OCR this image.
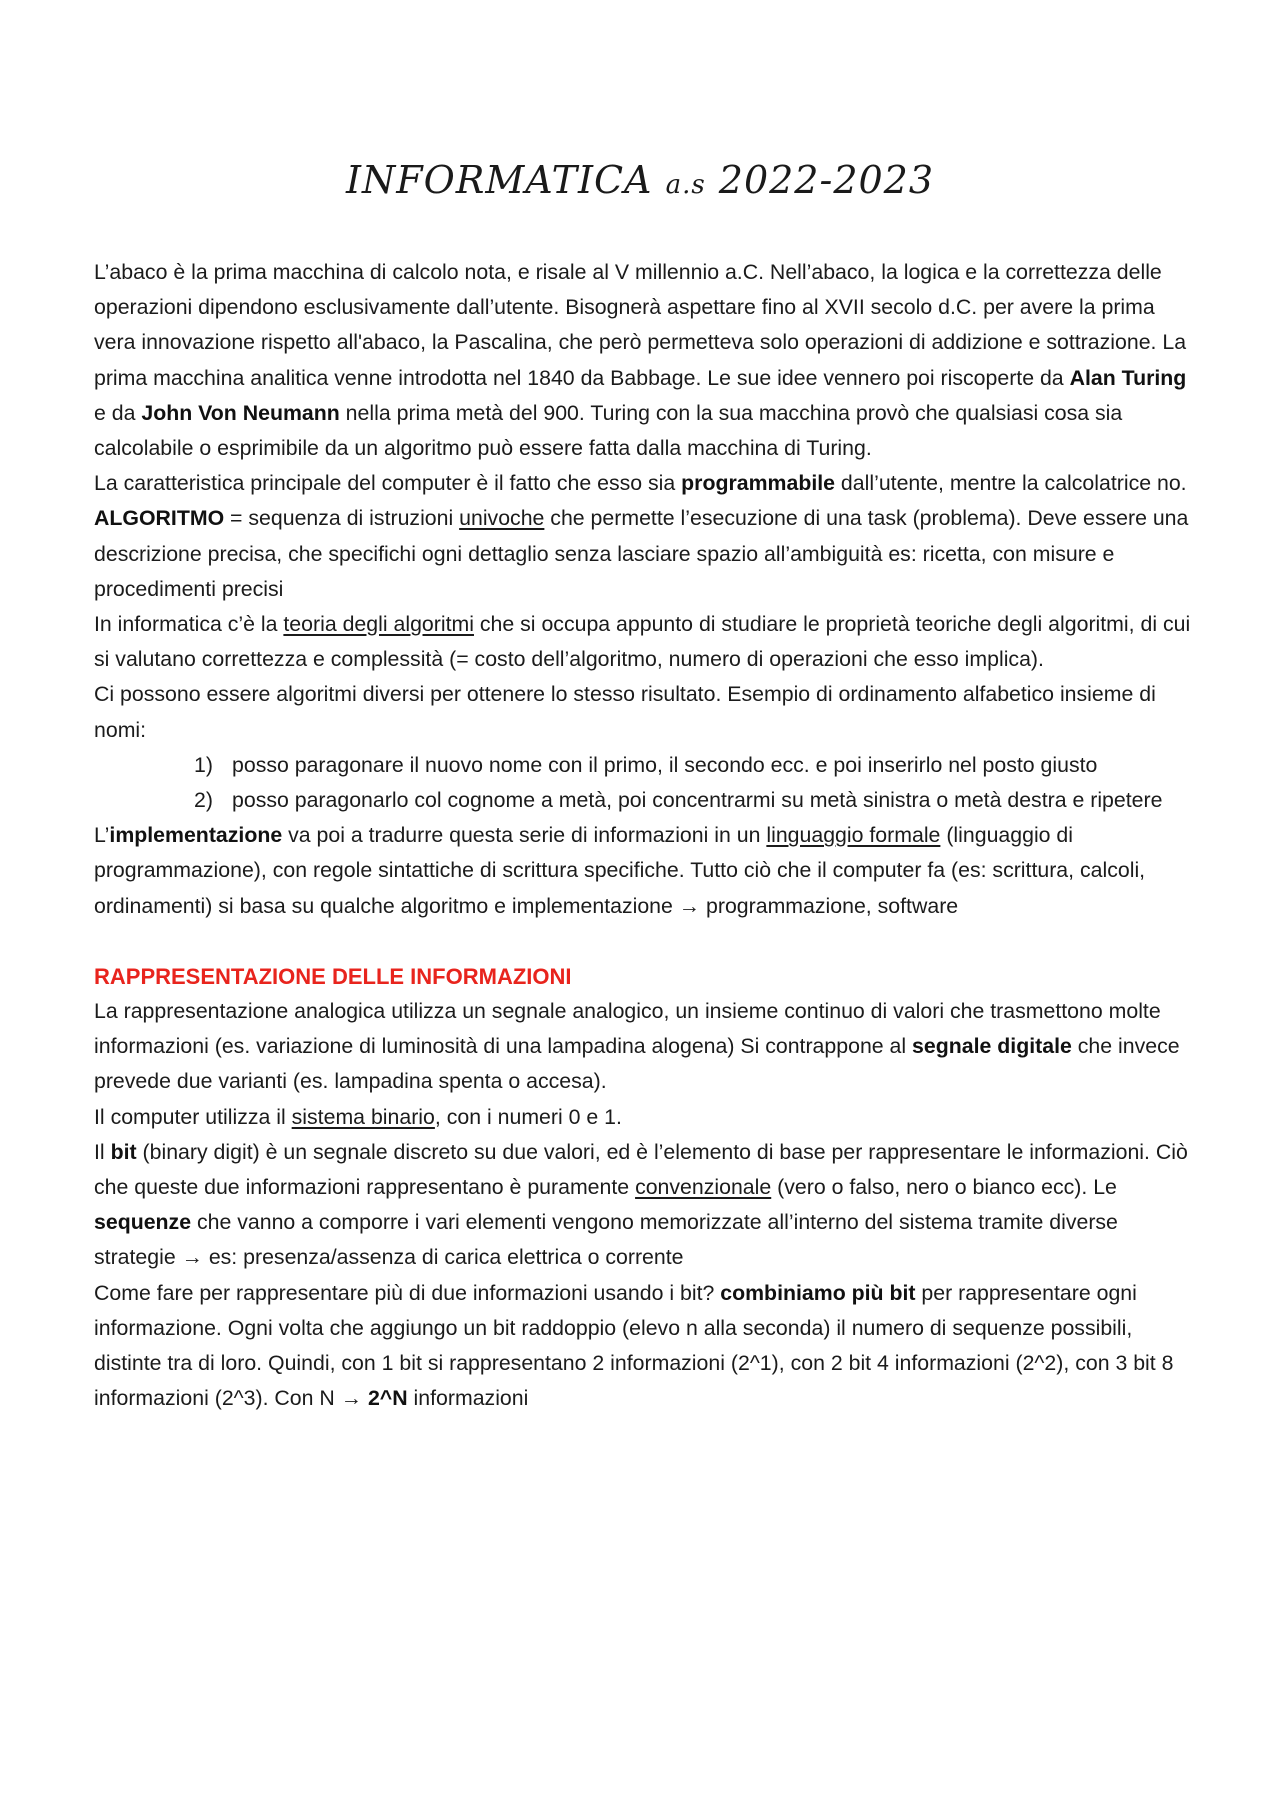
INFORMATICA a.s 2022-2023

L’abaco è la prima macchina di calcolo nota, e risale al V millennio a.C. Nell’abaco, la logica e la correttezza delle operazioni dipendono esclusivamente dall’utente. Bisognerà aspettare fino al XVII secolo d.C. per avere la prima vera innovazione rispetto all'abaco, la Pascalina, che però permetteva solo operazioni di addizione e sottrazione. La prima macchina analitica venne introdotta nel 1840 da Babbage. Le sue idee vennero poi riscoperte da Alan Turing e da John Von Neumann nella prima metà del 900. Turing con la sua macchina provò che qualsiasi cosa sia calcolabile o esprimibile da un algoritmo può essere fatta dalla macchina di Turing.

La caratteristica principale del computer è il fatto che esso sia programmabile dall’utente, mentre la calcolatrice no.

ALGORITMO = sequenza di istruzioni univoche che permette l’esecuzione di una task (problema). Deve essere una descrizione precisa, che specifichi ogni dettaglio senza lasciare spazio all’ambiguità es: ricetta, con misure e procedimenti precisi

In informatica c’è la teoria degli algoritmi che si occupa appunto di studiare le proprietà teoriche degli algoritmi, di cui si valutano correttezza e complessità (= costo dell’algoritmo, numero di operazioni che esso implica).

Ci possono essere algoritmi diversi per ottenere lo stesso risultato. Esempio di ordinamento alfabetico insieme di nomi:

1) posso paragonare il nuovo nome con il primo, il secondo ecc. e poi inserirlo nel posto giusto
2) posso paragonarlo col cognome a metà, poi concentrarmi su metà sinistra o metà destra e ripetere

L’implementazione va poi a tradurre questa serie di informazioni in un linguaggio formale (linguaggio di programmazione), con regole sintattiche di scrittura specifiche. Tutto ciò che il computer fa (es: scrittura, calcoli, ordinamenti) si basa su qualche algoritmo e implementazione → programmazione, software

RAPPRESENTAZIONE DELLE INFORMAZIONI

La rappresentazione analogica utilizza un segnale analogico, un insieme continuo di valori che trasmettono molte informazioni (es. variazione di luminosità di una lampadina alogena) Si contrappone al segnale digitale che invece prevede due varianti (es. lampadina spenta o accesa).

Il computer utilizza il sistema binario, con i numeri 0 e 1.

Il bit (binary digit) è un segnale discreto su due valori, ed è l’elemento di base per rappresentare le informazioni. Ciò che queste due informazioni rappresentano è puramente convenzionale (vero o falso, nero o bianco ecc). Le sequenze che vanno a comporre i vari elementi vengono memorizzate all’interno del sistema tramite diverse strategie → es: presenza/assenza di carica elettrica o corrente

Come fare per rappresentare più di due informazioni usando i bit? combiniamo più bit per rappresentare ogni informazione. Ogni volta che aggiungo un bit raddoppio (elevo n alla seconda) il numero di sequenze possibili, distinte tra di loro. Quindi, con 1 bit si rappresentano 2 informazioni (2^1), con 2 bit 4 informazioni (2^2), con 3 bit 8 informazioni (2^3). Con N → 2^N informazioni
